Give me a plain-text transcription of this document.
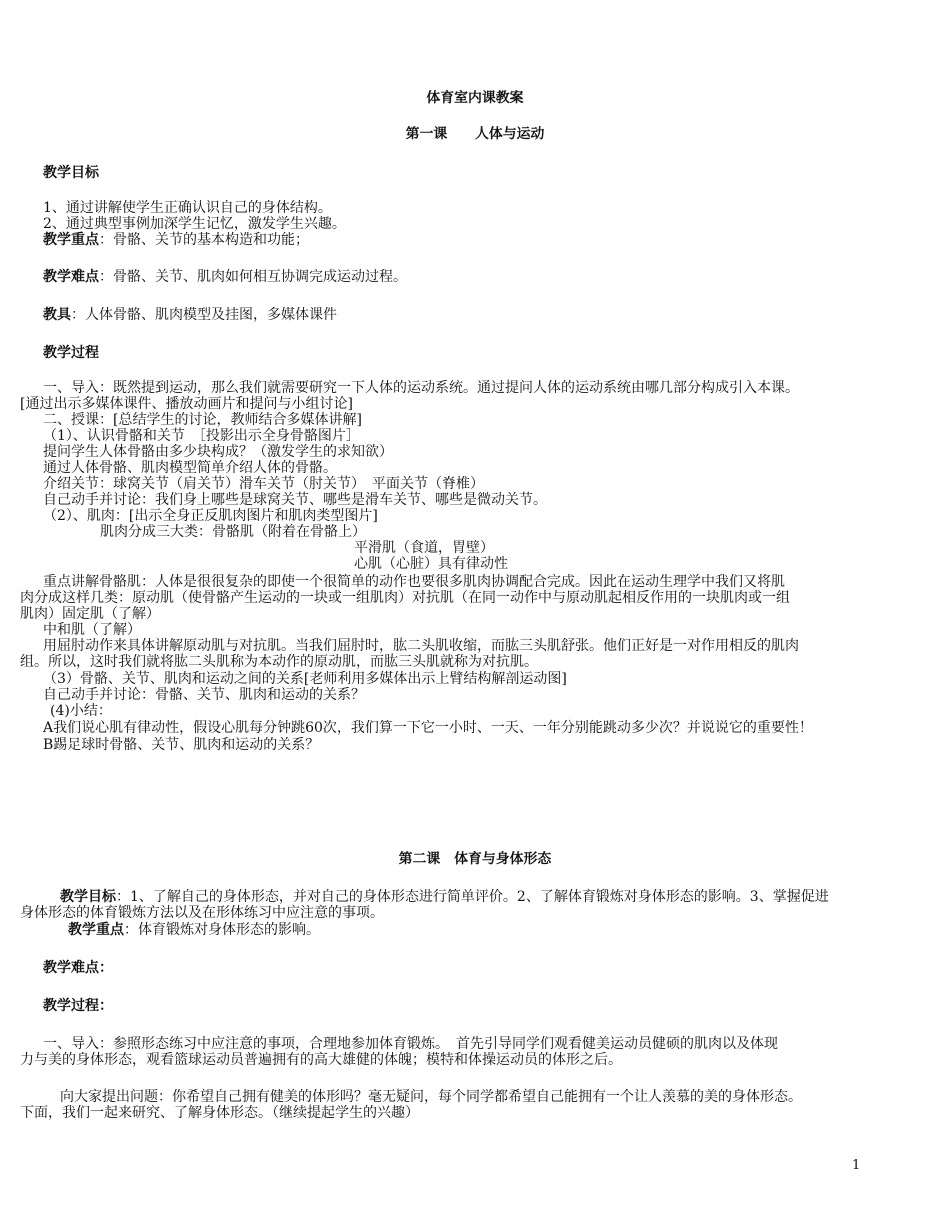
体育室内课教案
第一课　　人体与运动
教学目标
1、通过讲解使学生正确认识自己的身体结构。
2、通过典型事例加深学生记忆，激发学生兴趣。
教学重点：骨骼、关节的基本构造和功能；
教学难点：骨骼、关节、肌肉如何相互协调完成运动过程。
教具：人体骨骼、肌肉模型及挂图，多媒体课件
教学过程
一、导入：既然提到运动，那么我们就需要研究一下人体的运动系统。通过提问人体的运动系统由哪几部分构成引入本课。
[通过出示多媒体课件、播放动画片和提问与小组讨论]
二、授课：[总结学生的讨论，教师结合多媒体讲解]
（1）、认识骨骼和关节　［投影出示全身骨骼图片］
提问学生人体骨骼由多少块构成？（激发学生的求知欲）
通过人体骨骼、肌肉模型简单介绍人体的骨骼。
介绍关节：球窝关节（肩关节）滑车关节（肘关节）　平面关节（脊椎）
自己动手并讨论：我们身上哪些是球窝关节、哪些是滑车关节、哪些是微动关节。
（2）、肌肉：[出示全身正反肌肉图片和肌肉类型图片]
肌肉分成三大类：骨骼肌（附着在骨骼上）
平滑肌（食道，胃壁）
心肌（心脏）具有律动性
重点讲解骨骼肌：人体是很很复杂的即使一个很简单的动作也要很多肌肉协调配合完成。因此在运动生理学中我们又将肌
肉分成这样几类：原动肌（使骨骼产生运动的一块或一组肌肉）对抗肌（在同一动作中与原动肌起相反作用的一块肌肉或一组
肌肉）固定肌（了解）
中和肌（了解）
用屈肘动作来具体讲解原动肌与对抗肌。当我们屈肘时，肱二头肌收缩，而肱三头肌舒张。他们正好是一对作用相反的肌肉
组。所以，这时我们就将肱二头肌称为本动作的原动肌，而肱三头肌就称为对抗肌。
（3）骨骼、关节、肌肉和运动之间的关系[老师利用多媒体出示上臂结构解剖运动图]
自己动手并讨论：骨骼、关节、肌肉和运动的关系？
(4)小结：
A我们说心肌有律动性，假设心肌每分钟跳60次，我们算一下它一小时、一天、一年分别能跳动多少次？并说说它的重要性！
B踢足球时骨骼、关节、肌肉和运动的关系？
第二课　体育与身体形态
教学目标：1、了解自己的身体形态，并对自己的身体形态进行简单评价。2、了解体育锻炼对身体形态的影响。3、掌握促进
身体形态的体育锻炼方法以及在形体练习中应注意的事项。
教学重点：体育锻炼对身体形态的影响。
教学难点：
教学过程：
一、导入：参照形态练习中应注意的事项，合理地参加体育锻炼。　首先引导同学们观看健美运动员健硕的肌肉以及体现
力与美的身体形态，观看篮球运动员普遍拥有的高大雄健的体魄；模特和体操运动员的体形之后。
向大家提出问题：你希望自己拥有健美的体形吗？毫无疑问，每个同学都希望自己能拥有一个让人羡慕的美的身体形态。
下面，我们一起来研究、了解身体形态。（继续提起学生的兴趣）
1
